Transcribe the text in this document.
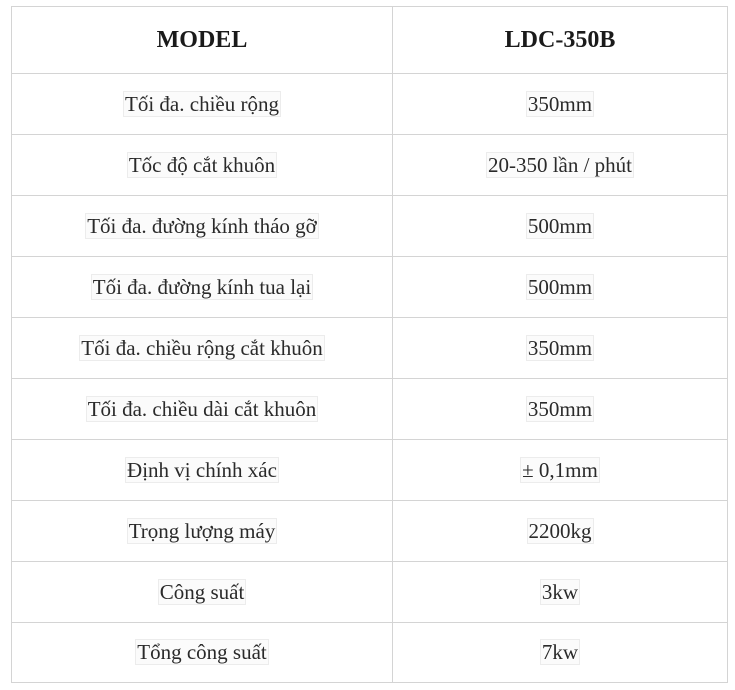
MODEL	LDC-350B
Tối đa. chiều rộng	350mm
Tốc độ cắt khuôn	20-350 lần / phút
Tối đa. đường kính tháo gỡ	500mm
Tối đa. đường kính tua lại	500mm
Tối đa. chiều rộng cắt khuôn	350mm
Tối đa. chiều dài cắt khuôn	350mm
Định vị chính xác	± 0,1mm
Trọng lượng máy	2200kg
Công suất	3kw
Tổng công suất	7kw
